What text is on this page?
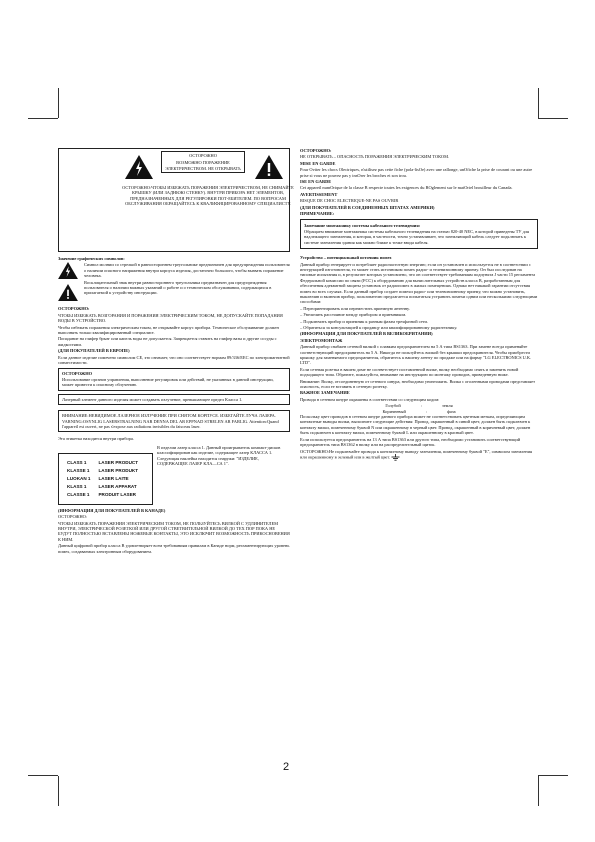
ОСТОРОЖНО
ВОЗМОЖНО ПОРАЖЕНИЕ ЭЛЕКТРИЧЕСТВОМ. НЕ ОТКРЫВАТЬ
ОСТОРОЖНО:ЧТОБЫ ИЗБЕЖАТЬ ПОРАЖЕНИЯ ЭЛЕКТРИЧЕСТВОМ, НЕ СНИМАЙТЕ КРЫШКУ (ИЛИ ЗАДНЮЮ СТЕНКУ). ВНУТРИ ПРИБОРА НЕТ ЭЛЕМЕНТОВ, ПРЕДНАЗНАЧЕННЫХ ДЛЯ РЕГУЛИРОВКИ ПОТ-ЕБИТЕЛЕМ. ПО ВОПРОСАМ ОБСЛУЖИВАНИЯ ОБРАЩАЙТЕСЬ К КВАЛИФИЦИРОВАННОМУ СПЕЦИАЛИСТУ.
Значение графических символов:
Символ молнии со стрелкой в равностороннем треугольнике предназначен для предупреждения пользователя о наличии опасного напряжения внутри корпуса изделия, достаточно большого, чтобы вызвать поражение человека.
Восклицательный знак внутри равностороннего треугольника предназначен для предупреждения пользователя о наличии важных указаний о работе и о техническом обслуживании, содержащихся в прилагаемой к устройству инструкции.
ОСТОРОЖНО:
ЧТОБЫ ИЗБЕЖАТЬ ВОЗГОРАНИЯ И ПОРАЖЕНИЯ ЭЛЕКТРИЧЕСКИМ ТОКОМ, НЕ ДОПУСКАЙТЕ ПОПАДАНИЯ ВОДЫ В УСТРОЙСТВО.
Чтобы избежать поражения электрическим током, не открывайте корпус прибора. Техническое обслуживание должен выполнять только квалифицированный специалист.
Попадание на глифер брызг или капель воды не допускается. Запрещается ставить на глифер вазы и другие сосуды с жидкостями.
(ДЛЯ ПОКУПАТЕЛЕЙ В ЕВРОПЕ)
Если данное изделие помечено символом CE, это означает, что оно соответствует нормам 89/336/EEC по электромагнитной совместимости.
ОСТОРОЖНО
Использование органов управления, выполнение регулировок или действий, не указанных в данной инструкции, может привести к опасному облучению.
Лазерный элемент данного изделия может создавать излучение, превышающее предел Класса 1.
ВНИМАНИЕ:НЕВИДИМОЕ ЛАЗЕРНОЕ ИЗЛУЧЕНИЕ ПРИ СНЯТОМ КОРПУСЕ. ИЗБЕГАЙТЕ ЛУЧА ЛАЗЕРА. VARNING:OSYNLIG LASERSTRALNING NAR DENNA DEL AR EPPNAD STRELEN AR FARLIG. Attention:Quand l'appareil est ouvert, ne pas s'expose aux radiations invisibles du faisceau laser.
Эта этикетка находится внутри прибора.
CLASS 1	LASER PRODUCT
KLASSE 1	LASER PRODUKT
LUOKAN 1	LASER LAITE
KLASS 1	LASER APPARAT
CLASSE 1	PRODUIT LASER
В изделии лазер класса 1. Данный проигрыватель компакт-дисков классифицирован как изделие, содержащее лазер КЛАССА 1. Следующая наклейка находится снаружи: "ИЗДЕЛИЕ, СОДЕРЖАЩЕЕ ЛАЗЕР КЛА—СА 1".
(ИНФОРМАЦИЯ ДЛЯ ПОКУПАТЕЛЕЙ В КАНАДЕ)
ОСТОРОЖНО:
ЧТОБЫ ИЗБЕЖАТЬ ПОРАЖЕНИЯ ЭЛЕКТРИЧЕСКИМ ТОКОМ, НЕ ПОЛЬЗУЙТЕСЬ ВИЛКОЙ С УДЛИНИТЕЛЕМ ВНУТРИ, ЭЛЕКТРИЧЕСКОЙ РОЗЕТКОЙ ИЛИ ДРУГОЙ СТВЕТВИТЕЛЬНОЙ ВИЛКОЙ ДО ТЕХ ПОР ПОКА НЕ БУДУТ ПОЛНОСТЬЮ ВСТАВЛЕНЫ НОЖЕВЫЕ КОНТАКТЫ, ЭТО ИСКЛЮЧИТ ВОЗМОЖНОСТЬ ПРИКОСНОВЕНИЯ К НИМ.
Данный цифровой прибор класса B удовлетворяет всем требованиям правилам в Канаде норм, регламентирующих уровень помех, создаваемых электронным оборудованием.
ОСТОРОЖНО:
НЕ ОТКРЫВАТЬ – ОПАСНОСТЬ ПОРАЖЕНИЯ ЭЛЕКТРИЧЕСКИМ ТОКОМ.
MISE EN GARDE
Pour Oviter les chocs Olectriques, n'utilisez pas cette fiche (pola-lisOe) avec une rallonge, unOfiche la prise de courant ou une autre prise si vous ne pouvez pas y insOrer les broches et son trou.
ISE EN GARDE
Cet appareil numOrique de la classe B respecte toutes les exigences du ROglement sur le matOriel brouilleur du Canada.
AVERTISSEMENT
RISQUE DE CHOC ELECTRIQUE-NE PAS OUVRIR
(ДЛЯ ПОКУПАТЕЛЕЙ В СОЕДИНЕННЫХ ШТАТАХ АМЕРИКИ)
ПРИМЕЧАНИЕ:
Замечание монтажнику системы кабельного телевидения:
Обращаем внимание монтажника системы кабельного телевидения на статью 820-40 NEC, в которой приведены ТУ для надлежащего заземления, и которая, в частности, точно устанавливает, что заземляющий кабель следует подключать к системе заземления здания как можно ближе к точке ввода кабеля.
Устройство – потенциальный источник помех
Данный прибор генерирует и потребляет радиочастотную энергию; если он установлен и используется не в соответствии с инструкцией изготовителя, то может стать источником помех радио- и телевизионному приему. Он был исследован на типовые испытания и, в результате которых установлено, что он соответствует требованиям подпункта J части 15 регламента Федеральной комиссии по связи (FCC) к оборудованию для вычислительных устройств класса B, разработанным для обеспечения адекватной защиты установок от радиопомех в жилых помещениях. Однако нет никакой гарантии отсутствия помех во всех случаях. Если данный прибор создает помехи радио- или телевизионному приему, что можно установить, выключив и включив прибор, пользователю предлагается попытаться устранить помехи одним или несколькими следующими способами:
– Переориентировать или переместить приемную антенну.
– Увеличить расстояние между прибором и приемником.
– Подключить прибор и приемник к разным фазам трехфазной сети.
– Обратиться за консультацией к продавцу или квалифицированному радиотехнику.
(ИНФОРМАЦИЯ ДЛЯ ПОКУПАТЕЛЕЙ В ВЕЛИКОБРИТАНИИ)
ЭЛЕКТРОМОНТАЖ
Данный прибор снабжен сетевой вилкой с плавким предохранителем на 5 А типа BS1363. При замене всегда применяйте соответствующий предохранитель на 5 А. Никогда не пользуйтесь вилкой без крышки предохранителя. Чтобы приобрести крышку для заменяемого предохранителя, обратитесь к вашему агенту по продаже или на фирму "LG ELECTRONICS U.K. LTD".
Если сетевая розетка в вашем доме не соответствует поставленной вилке, вилку необходимо снять и заменить новой подходящего типа. Обратите, пожалуйста, внимание на инструкцию по монтажу проводов, приведенную ниже.
Внимание: Вилку, отсоединенную от сетевого шнура, необходимо уничтожить. Вилка с оголенными проводами представляет опасность, если ее вставить в сетевую розетку.
ВАЖНОЕ ЗАМЕЧАНИЕ
Провода в сетевом шнуре окрашены в соответствии со следующим кодом:
Голубой	:	земля
Коричневый	:	фаза
Поскольку цвет проводов в сетевом шнуре данного прибора может не соответствовать цветным меткам, определяющим контактные выводы вилки, выполните следующие действия: Провод, окрашенный в синий цвет, должен быть подключен к контакту вилки, помеченному буквой N или окрашенному в черный цвет. Провод, окрашенный в коричневый цвет, должен быть подключен к контакту вилки, помеченному буквой L или окрашенному в красный цвет.
Если используется предохранитель на 13 А типа BS1363 или другого типа, необходимо установить соответствующий предохранитель типа BS1362 в вилку или на распределительный щиток.
ОСТОРОЖНО:Не подключайте провода к контактному выводу заземления, помеченному буквой "E", символом заземления или окрашенному в зеленый или в желтый цвет.
2
